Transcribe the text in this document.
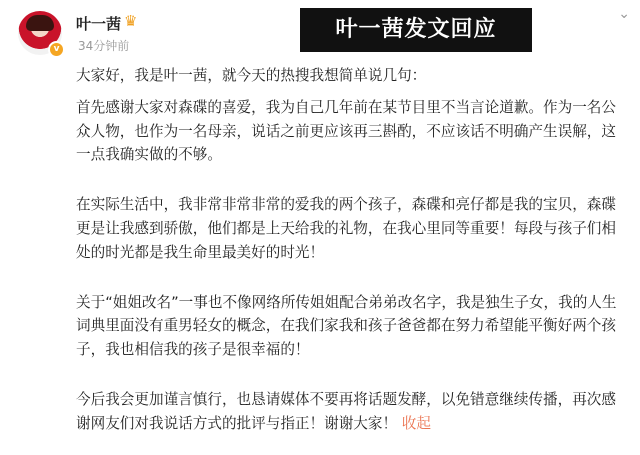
v
叶一茜 ♛
34分钟前
叶一茜发文回应
⌄

大家好，我是叶一茜，就今天的热搜我想简单说几句：

首先感谢大家对森碟的喜爱，我为自己几年前在某节目里不当言论道歉。作为一名公众人物，也作为一名母亲，说话之前更应该再三斟酌，不应该话不明确产生误解，这一点我确实做的不够。

在实际生活中，我非常非常非常的爱我的两个孩子，森碟和亮仔都是我的宝贝，森碟更是让我感到骄傲，他们都是上天给我的礼物，在我心里同等重要！每段与孩子们相处的时光都是我生命里最美好的时光！

关于“姐姐改名”一事也不像网络所传姐姐配合弟弟改名字，我是独生子女，我的人生词典里面没有重男轻女的概念，在我们家我和孩子爸爸都在努力希望能平衡好两个孩子，我也相信我的孩子是很幸福的！

今后我会更加谨言慎行，也恳请媒体不要再将话题发酵，以免错意继续传播，再次感谢网友们对我说话方式的批评与指正！谢谢大家！ 收起
